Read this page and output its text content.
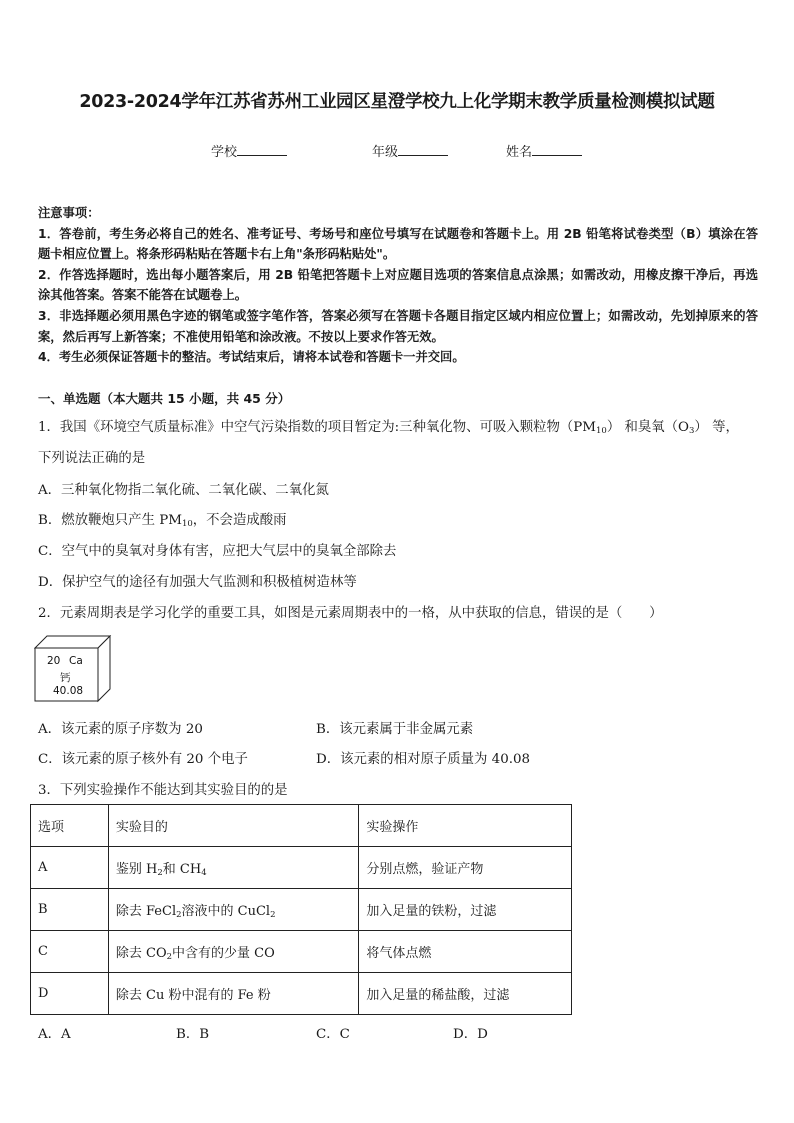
2023-2024学年江苏省苏州工业园区星澄学校九上化学期末教学质量检测模拟试题
学校	年级	姓名

注意事项：

1．答卷前，考生务必将自己的姓名、准考证号、考场号和座位号填写在试题卷和答题卡上。用 2B 铅笔将试卷类型（B）填涂在答题卡相应位置上。将条形码粘贴在答题卡右上角"条形码粘贴处"。

2．作答选择题时，选出每小题答案后，用 2B 铅笔把答题卡上对应题目选项的答案信息点涂黑；如需改动，用橡皮擦干净后，再选涂其他答案。答案不能答在试题卷上。

3．非选择题必须用黑色字迹的钢笔或签字笔作答，答案必须写在答题卡各题目指定区域内相应位置上；如需改动，先划掉原来的答案，然后再写上新答案；不准使用铅笔和涂改液。不按以上要求作答无效。

4．考生必须保证答题卡的整洁。考试结束后，请将本试卷和答题卡一并交回。

一、单选题（本大题共 15 小题，共 45 分）
1．我国《环境空气质量标准》中空气污染指数的项目暂定为:三种氧化物、可吸入颗粒物$(PM_{10})$ 和臭氧$(O_3)$ 等，
下列说法正确的是
A．三种氧化物指二氧化硫、二氧化碳、二氧化氮
B．燃放鞭炮只产生 $PM_{10}$，不会造成酸雨
C．空气中的臭氧对身体有害，应把大气层中的臭氧全部除去
D．保护空气的途径有加强大气监测和积极植树造林等
2．元素周期表是学习化学的重要工具，如图是元素周期表中的一格，从中获取的信息，错误的是（　　）
20 Ca
钙
40.08
A．该元素的原子序数为 20	B．该元素属于非金属元素
C．该元素的原子核外有 20 个电子	D．该元素的相对原子质量为 40.08
3．下列实验操作不能达到其实验目的的是
选项	实验目的	实验操作
A	鉴别 $H_2$和 $CH_4$	分别点燃，验证产物
B	除去 FeCl$_2$溶液中的 CuCl$_2$	加入足量的铁粉，过滤
C	除去 $CO_2$中含有的少量 CO	将气体点燃
D	除去 Cu 粉中混有的 Fe 粉	加入足量的稀盐酸，过滤
A．A	B．B	C．C	D．D
